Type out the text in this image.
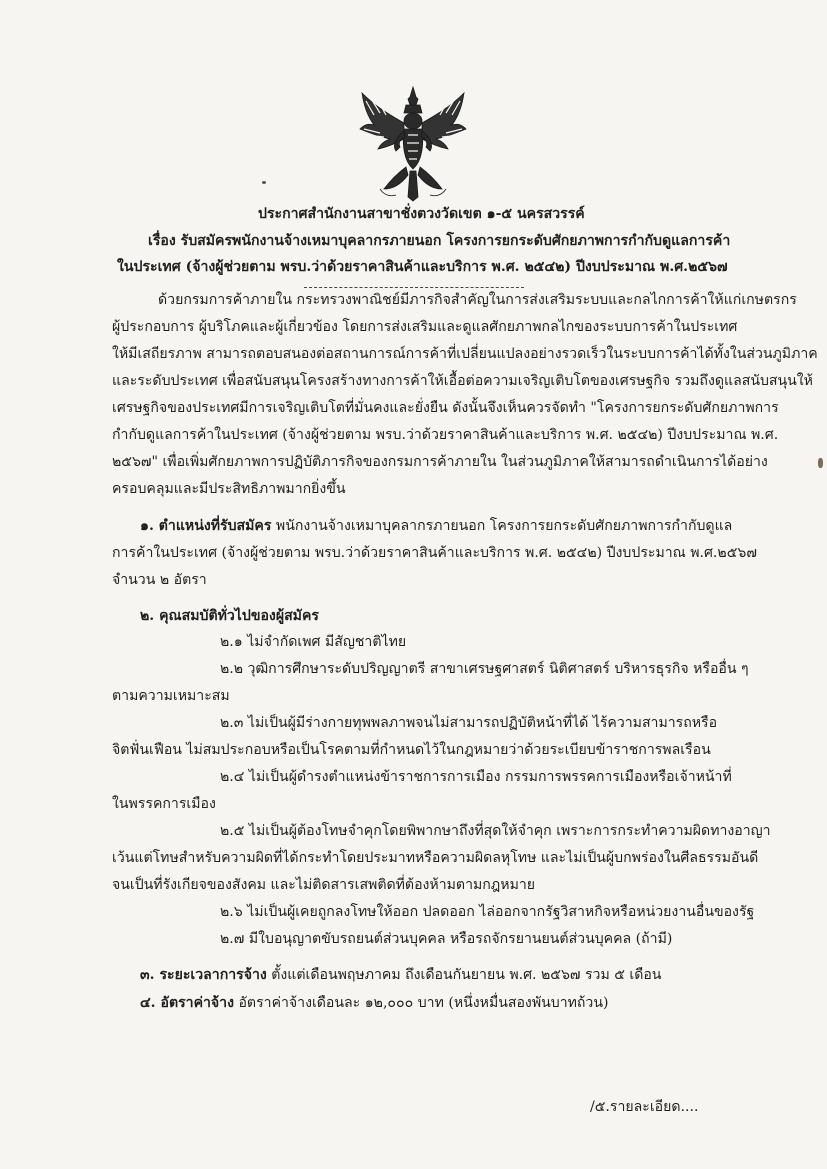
ประกาศสำนักงานสาขาชั่งตวงวัดเขต ๑-๕ นครสวรรค์
เรื่อง รับสมัครพนักงานจ้างเหมาบุคลากรภายนอก โครงการยกระดับศักยภาพการกำกับดูแลการค้า
ในประเทศ (จ้างผู้ช่วยตาม พรบ.ว่าด้วยราคาสินค้าและบริการ พ.ศ. ๒๕๔๒) ปีงบประมาณ พ.ศ.๒๕๖๗
ด้วยกรมการค้าภายใน กระทรวงพาณิชย์มีภารกิจสำคัญในการส่งเสริมระบบและกลไกการค้าให้แก่เกษตรกร
ผู้ประกอบการ ผู้บริโภคและผู้เกี่ยวข้อง โดยการส่งเสริมและดูแลศักยภาพกลไกของระบบการค้าในประเทศ
ให้มีเสถียรภาพ สามารถตอบสนองต่อสถานการณ์การค้าที่เปลี่ยนแปลงอย่างรวดเร็วในระบบการค้าได้ทั้งในส่วนภูมิภาค
และระดับประเทศ เพื่อสนับสนุนโครงสร้างทางการค้าให้เอื้อต่อความเจริญเติบโตของเศรษฐกิจ รวมถึงดูแลสนับสนุนให้
เศรษฐกิจของประเทศมีการเจริญเติบโตที่มั่นคงและยั่งยืน ดังนั้นจึงเห็นควรจัดทำ "โครงการยกระดับศักยภาพการ
กำกับดูแลการค้าในประเทศ (จ้างผู้ช่วยตาม พรบ.ว่าด้วยราคาสินค้าและบริการ พ.ศ. ๒๕๔๒) ปีงบประมาณ พ.ศ.
๒๕๖๗" เพื่อเพิ่มศักยภาพการปฏิบัติภารกิจของกรมการค้าภายใน ในส่วนภูมิภาคให้สามารถดำเนินการได้อย่าง
ครอบคลุมและมีประสิทธิภาพมากยิ่งขึ้น
๑. ตำแหน่งที่รับสมัคร พนักงานจ้างเหมาบุคลากรภายนอก โครงการยกระดับศักยภาพการกำกับดูแล
การค้าในประเทศ (จ้างผู้ช่วยตาม พรบ.ว่าด้วยราคาสินค้าและบริการ พ.ศ. ๒๕๔๒) ปีงบประมาณ พ.ศ.๒๕๖๗
จำนวน ๒ อัตรา
๒. คุณสมบัติทั่วไปของผู้สมัคร
๒.๑ ไม่จำกัดเพศ มีสัญชาติไทย
๒.๒ วุฒิการศึกษาระดับปริญญาตรี สาขาเศรษฐศาสตร์ นิติศาสตร์ บริหารธุรกิจ หรืออื่น ๆ
ตามความเหมาะสม
๒.๓ ไม่เป็นผู้มีร่างกายทุพพลภาพจนไม่สามารถปฏิบัติหน้าที่ได้ ไร้ความสามารถหรือ
จิตฟั่นเฟือน ไม่สมประกอบหรือเป็นโรคตามที่กำหนดไว้ในกฎหมายว่าด้วยระเบียบข้าราชการพลเรือน
๒.๔ ไม่เป็นผู้ดำรงตำแหน่งข้าราชการการเมือง กรรมการพรรคการเมืองหรือเจ้าหน้าที่
ในพรรคการเมือง
๒.๕ ไม่เป็นผู้ต้องโทษจำคุกโดยพิพากษาถึงที่สุดให้จำคุก เพราะการกระทำความผิดทางอาญา
เว้นแต่โทษสำหรับความผิดที่ได้กระทำโดยประมาทหรือความผิดลหุโทษ และไม่เป็นผู้บกพร่องในศีลธรรมอันดี
จนเป็นที่รังเกียจของสังคม และไม่ติดสารเสพติดที่ต้องห้ามตามกฎหมาย
๒.๖ ไม่เป็นผู้เคยถูกลงโทษให้ออก ปลดออก ไล่ออกจากรัฐวิสาหกิจหรือหน่วยงานอื่นของรัฐ
๒.๗ มีใบอนุญาตขับรถยนต์ส่วนบุคคล หรือรถจักรยานยนต์ส่วนบุคคล (ถ้ามี)
๓. ระยะเวลาการจ้าง ตั้งแต่เดือนพฤษภาคม ถึงเดือนกันยายน พ.ศ. ๒๕๖๗ รวม ๕ เดือน
๔. อัตราค่าจ้าง อัตราค่าจ้างเดือนละ ๑๒,๐๐๐ บาท (หนึ่งหมื่นสองพันบาทถ้วน)
/๕.รายละเอียด....
